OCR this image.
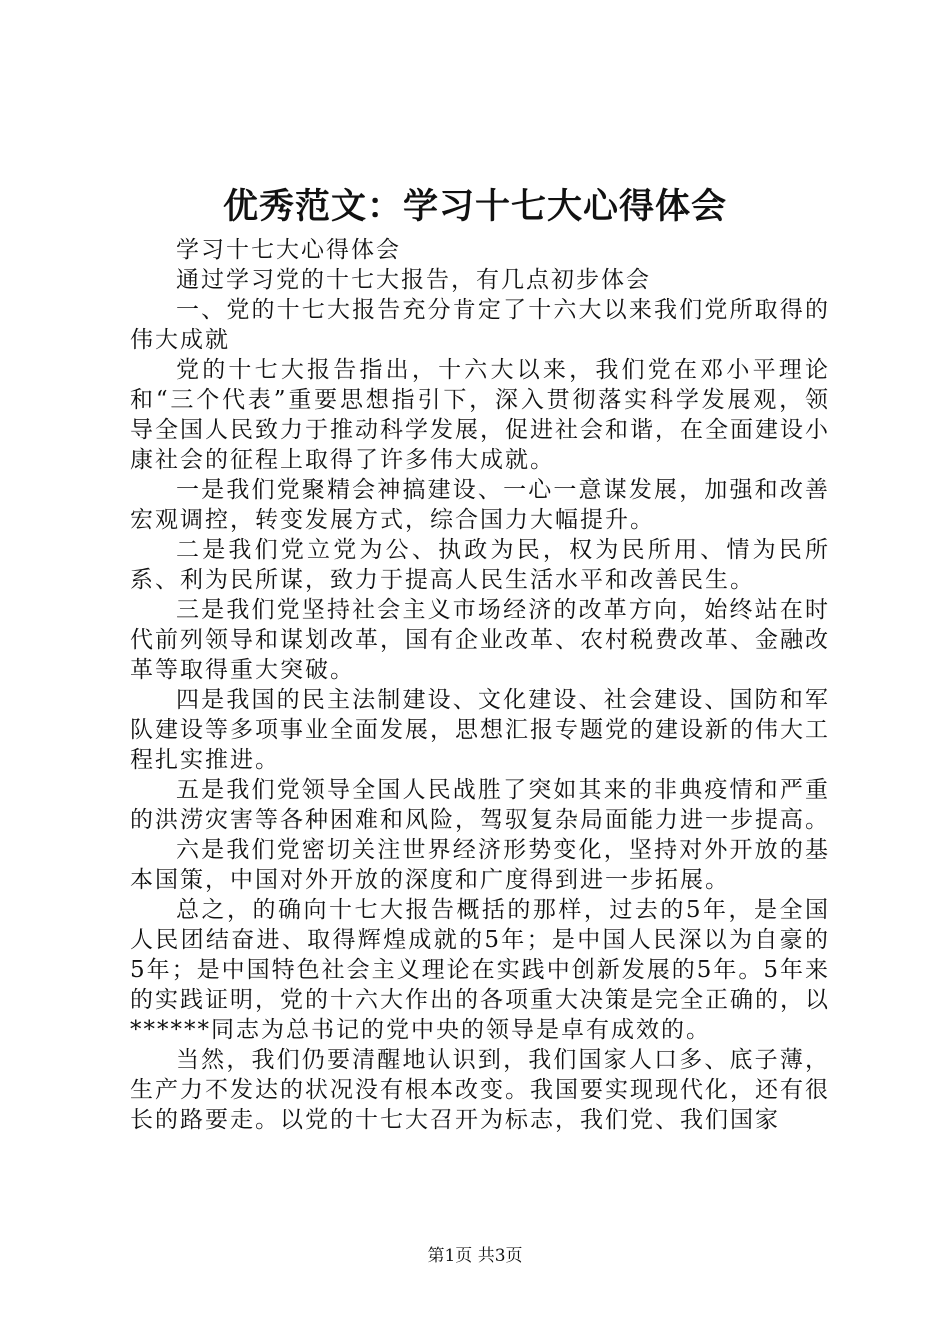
优秀范文：学习十七大心得体会

学习十七大心得体会

通过学习党的十七大报告，有几点初步体会

一、党的十七大报告充分肯定了十六大以来我们党所取得的伟大成就

党的十七大报告指出，十六大以来，我们党在邓小平理论和“三个代表”重要思想指引下，深入贯彻落实科学发展观，领导全国人民致力于推动科学发展，促进社会和谐，在全面建设小康社会的征程上取得了许多伟大成就。

一是我们党聚精会神搞建设、一心一意谋发展，加强和改善宏观调控，转变发展方式，综合国力大幅提升。

二是我们党立党为公、执政为民，权为民所用、情为民所系、利为民所谋，致力于提高人民生活水平和改善民生。

三是我们党坚持社会主义市场经济的改革方向，始终站在时代前列领导和谋划改革，国有企业改革、农村税费改革、金融改革等取得重大突破。

四是我国的民主法制建设、文化建设、社会建设、国防和军队建设等多项事业全面发展，思想汇报专题党的建设新的伟大工程扎实推进。

五是我们党领导全国人民战胜了突如其来的非典疫情和严重的洪涝灾害等各种困难和风险，驾驭复杂局面能力进一步提高。

六是我们党密切关注世界经济形势变化，坚持对外开放的基本国策，中国对外开放的深度和广度得到进一步拓展。

总之，的确向十七大报告概括的那样，过去的5年，是全国人民团结奋进、取得辉煌成就的5年；是中国人民深以为自豪的5年；是中国特色社会主义理论在实践中创新发展的5年。5年来的实践证明，党的十六大作出的各项重大决策是完全正确的，以******同志为总书记的党中央的领导是卓有成效的。

当然，我们仍要清醒地认识到，我们国家人口多、底子薄，生产力不发达的状况没有根本改变。我国要实现现代化，还有很长的路要走。以党的十七大召开为标志，我们党、我们国家

第1页 共3页
